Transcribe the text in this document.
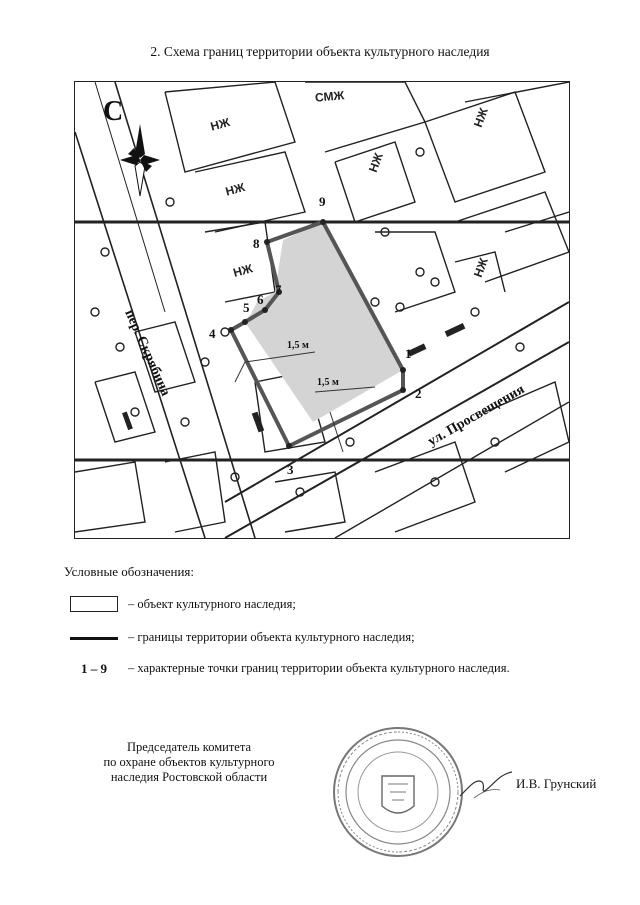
2. Схема границ территории объекта культурного наследия
НЖ
НЖ
НЖ
НЖ
НЖ
СМЖ
НЖ
С
1,5 м
1,5 м
1
2
3
4
5
6
7
8
9
пер. Скрябина
ул. Просвещения
Условные обозначения:
– объект культурного наследия;
– границы территории объекта культурного наследия;
1 – 9	– характерные точки границ территории объекта культурного наследия.
Председатель комитета
по охране объектов культурного
наследия Ростовской области	И.В. Грунский
